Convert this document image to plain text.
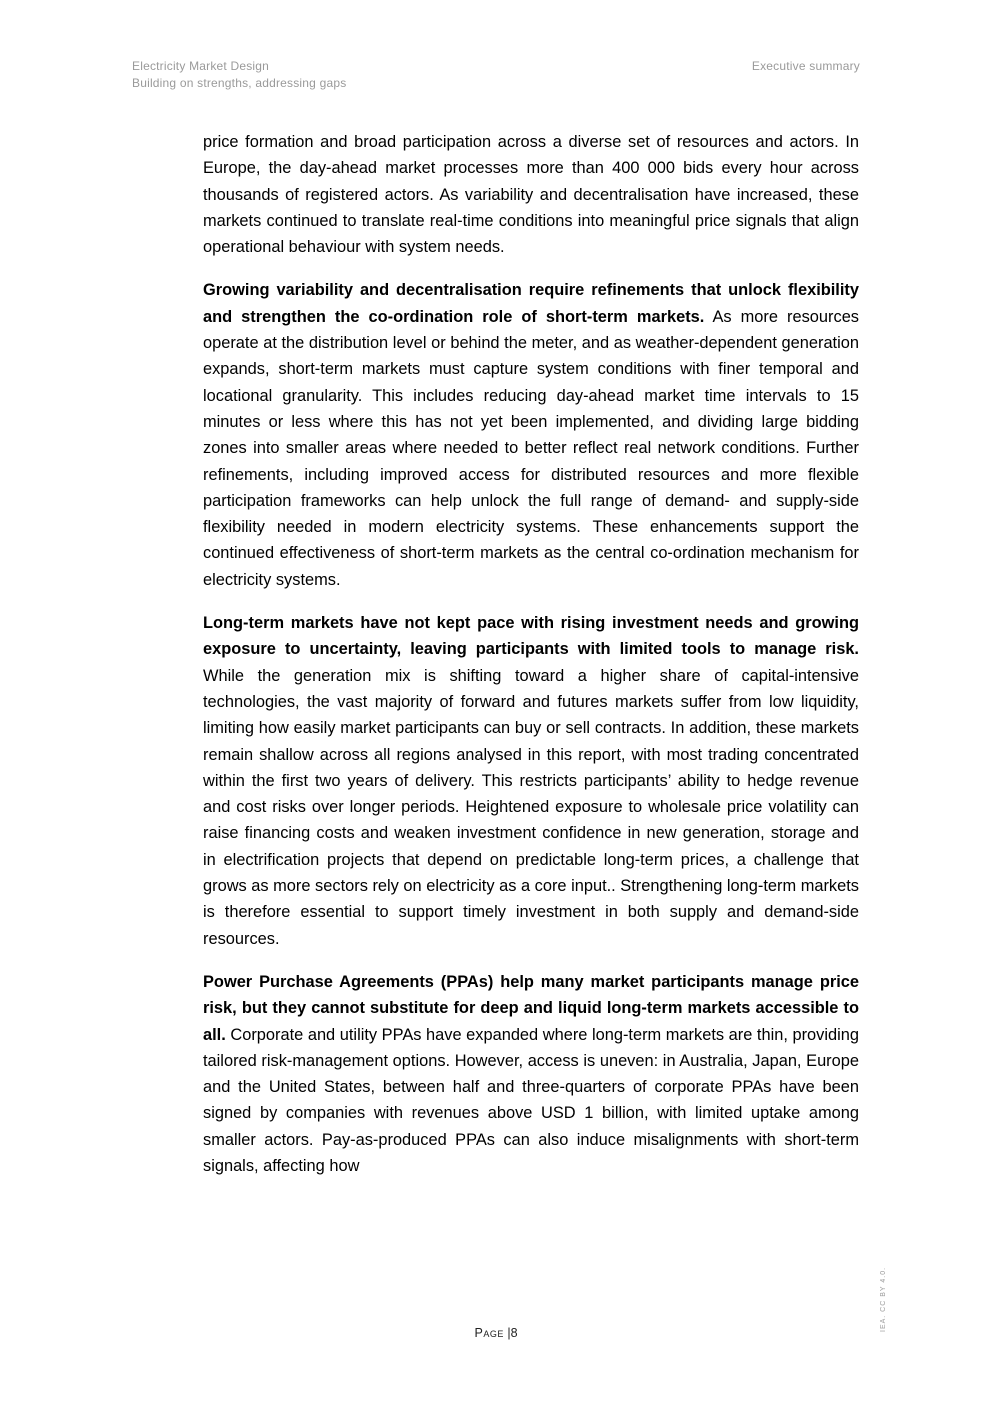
Electricity Market Design
Building on strengths, addressing gaps
Executive summary

price formation and broad participation across a diverse set of resources and actors. In Europe, the day-ahead market processes more than 400 000 bids every hour across thousands of registered actors. As variability and decentralisation have increased, these markets continued to translate real-time conditions into meaningful price signals that align operational behaviour with system needs.

Growing variability and decentralisation require refinements that unlock flexibility and strengthen the co-ordination role of short-term markets. As more resources operate at the distribution level or behind the meter, and as weather-dependent generation expands, short-term markets must capture system conditions with finer temporal and locational granularity. This includes reducing day-ahead market time intervals to 15 minutes or less where this has not yet been implemented, and dividing large bidding zones into smaller areas where needed to better reflect real network conditions. Further refinements, including improved access for distributed resources and more flexible participation frameworks can help unlock the full range of demand- and supply-side flexibility needed in modern electricity systems. These enhancements support the continued effectiveness of short-term markets as the central co-ordination mechanism for electricity systems.

Long-term markets have not kept pace with rising investment needs and growing exposure to uncertainty, leaving participants with limited tools to manage risk. While the generation mix is shifting toward a higher share of capital-intensive technologies, the vast majority of forward and futures markets suffer from low liquidity, limiting how easily market participants can buy or sell contracts. In addition, these markets remain shallow across all regions analysed in this report, with most trading concentrated within the first two years of delivery. This restricts participants’ ability to hedge revenue and cost risks over longer periods. Heightened exposure to wholesale price volatility can raise financing costs and weaken investment confidence in new generation, storage and in electrification projects that depend on predictable long-term prices, a challenge that grows as more sectors rely on electricity as a core input.. Strengthening long-term markets is therefore essential to support timely investment in both supply and demand-side resources.

Power Purchase Agreements (PPAs) help many market participants manage price risk, but they cannot substitute for deep and liquid long-term markets accessible to all. Corporate and utility PPAs have expanded where long-term markets are thin, providing tailored risk-management options. However, access is uneven: in Australia, Japan, Europe and the United States, between half and three-quarters of corporate PPAs have been signed by companies with revenues above USD 1 billion, with limited uptake among smaller actors. Pay-as-produced PPAs can also induce misalignments with short-term signals, affecting how

Page |8
IEA. CC BY 4.0.
